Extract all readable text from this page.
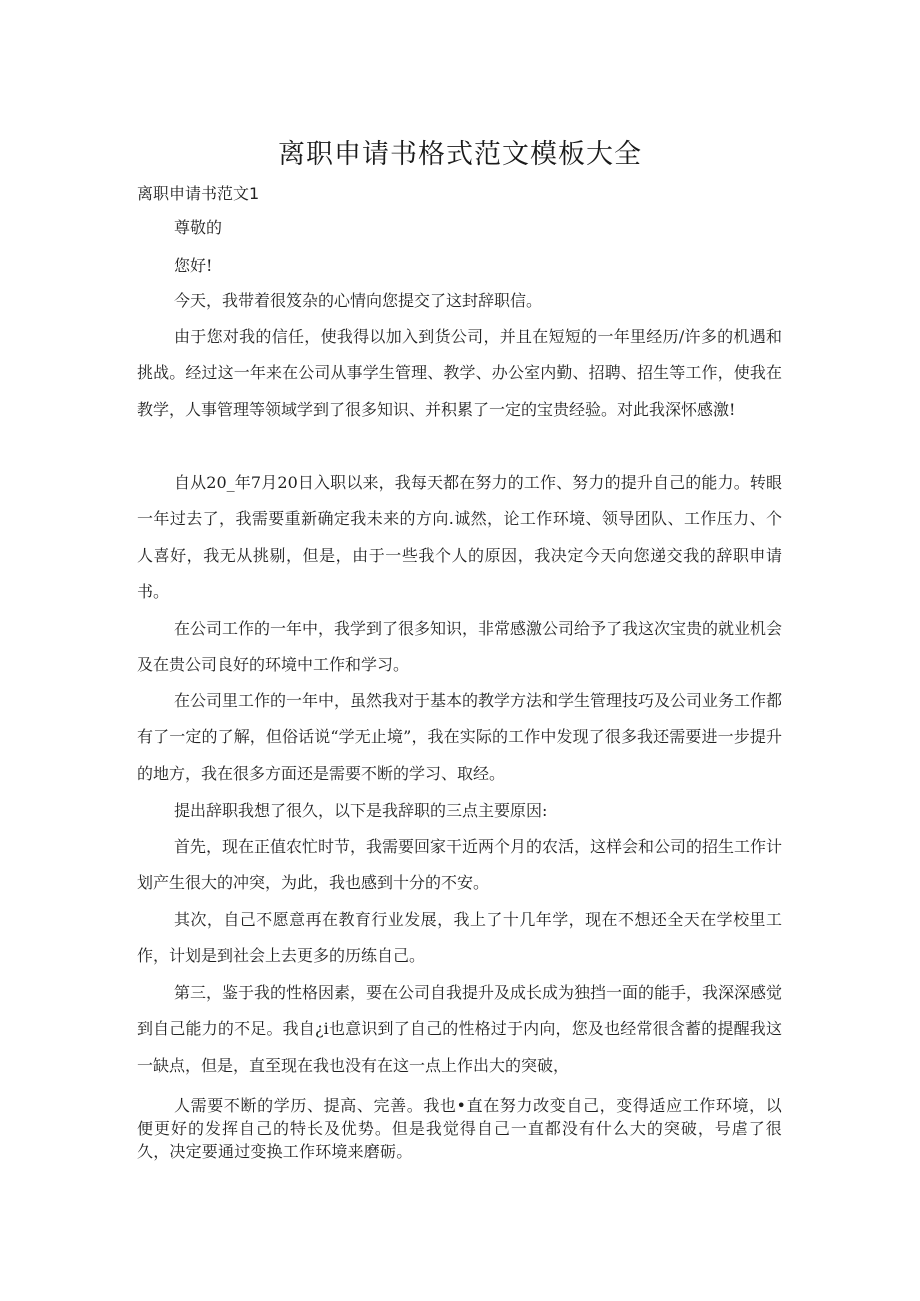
离职申请书格式范文模板大全
离职申请书范文1

尊敬的

您好!

今天，我带着很笈杂的心情向您提交了这封辞职信。

由于您对我的信任，使我得以加入到货公司，并且在短短的一年里经历/许多的机遇和挑战。经过这一年来在公司从事学生管理、教学、办公室内勤、招聘、招生等工作，使我在教学，人事管理等领域学到了很多知识、并积累了一定的宝贵经验。对此我深怀感激!

自从20_年7月20日入职以来，我每天都在努力的工作、努力的提升自己的能力。转眼一年过去了，我需要重新确定我未来的方向.诚然，论工作环境、领导团队、工作压力、个人喜好，我无从挑剔，但是，由于一些我个人的原因，我决定今天向您递交我的辞职申请书。

在公司工作的一年中，我学到了很多知识，非常感激公司给予了我这次宝贵的就业机会及在贵公司良好的环境中工作和学习。

在公司里工作的一年中，虽然我对于基本的教学方法和学生管理技巧及公司业务工作都有了一定的了解，但俗话说“学无止境”，我在实际的工作中发现了很多我还需要进一步提升的地方，我在很多方面还是需要不断的学习、取经。

提出辞职我想了很久，以下是我辞职的三点主要原因:

首先，现在正值农忙时节，我需要回家干近两个月的农活，这样会和公司的招生工作计划产生很大的冲突，为此，我也感到十分的不安。

其次，自己不愿意再在教育行业发展，我上了十几年学，现在不想还全天在学校里工作，计划是到社会上去更多的历练自己。

第三，鉴于我的性格因素，要在公司自我提升及成长成为独挡一面的能手，我深深感觉到自己能力的不足。我自¿i也意识到了自己的性格过于内向，您及也经常很含蓄的提醒我这一缺点，但是，直至现在我也没有在这一点上作出大的突破，

人需要不断的学历、提高、完善。我也•直在努力改变自己，变得适应工作环境，以便更好的发挥自己的特长及优势。但是我觉得自己一直都没有什么大的突破，号虐了很久，决定要通过变换工作环境来磨砺。
